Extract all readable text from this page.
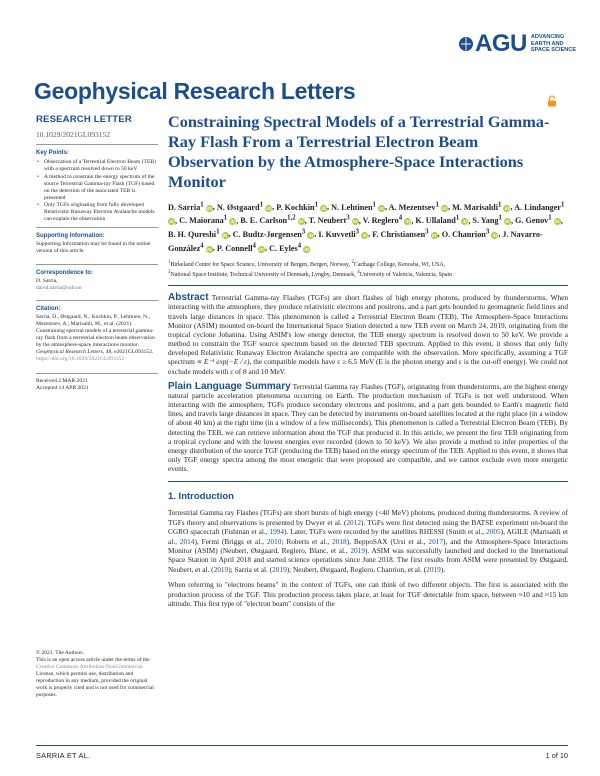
AGU ADVANCING
EARTH AND
SPACE SCIENCE
Geophysical Research Letters
RESEARCH LETTER
10.1029/2021GL093152
Key Points:
• Observation of a Terrestrial Electron Beam (TEB) with a spectrum resolved down to 50 keV
• A method to constrain the energy spectrum of the source Terrestrial Gamma-ray Flash (TGF) based on the detection of the associated TEB is presented
• Only TGFs originating from fully developed Relativistic Runaway Electron Avalanche models can explain the observation
Supporting Information:
Supporting Information may be found in the online version of this article.
Correspondence to:
D. Sarria,
david.sarria@uib.no
Citation:
Sarria, D., Østgaard, N., Kochkin, P., Lehtinen, N., Mezentsev, A., Marisaldi, M., et al. (2021). Constraining spectral models of a terrestrial gamma-ray flash from a terrestrial electron beam observation by the atmosphere-space interactions monitor. Geophysical Research Letters, 48, e2021GL093152. https://doi.org/10.1029/2021GL093152
Received 2 MAR 2021
Accepted 14 APR 2021
© 2021. The Authors.
This is an open access article under the terms of the Creative Commons Attribution-NonCommercial License, which permits use, distribution and reproduction in any medium, provided the original work is properly cited and is not used for commercial purposes.
Constraining Spectral Models of a Terrestrial Gamma-Ray Flash From a Terrestrial Electron Beam Observation by the Atmosphere-Space Interactions Monitor
D. Sarria$^1$ iD, N. Østgaard$^1$ iD, P. Kochkin$^1$ iD, N. Lehtinen$^1$ iD, A. Mezentsev$^1$ iD, M. Marisaldi$^1$ iD, A. Lindanger$^1$ iD, C. Maiorana$^1$ iD, B. E. Carlson$^{1,2}$ iD, T. Neubert$^3$ iD, V. Reglero$^4$ iD, K. Ullaland$^1$ iD, S. Yang$^1$ iD, G. Genov$^1$ iD, B. H. Qureshi$^1$ iD, C. Budtz-Jørgensen$^3$ iD, I. Kuvvetli$^3$ iD, F. Christiansen$^3$ iD, O. Chanrion$^3$ iD, J. Navarro-González$^4$ iD, P. Connell$^4$ iD, C. Eyles$^4$ iD
$^1$Birkeland Centre for Space Science, University of Bergen, Bergen, Norway, $^2$Carthage College, Kenosha, WI, USA,
$^3$National Space Institute, Technical University of Denmark, Lyngby, Denmark, $^4$University of Valencia, Valencia, Spain
Abstract Terrestrial Gamma-ray Flashes (TGFs) are short flashes of high energy photons, produced by thunderstorms. When interacting with the atmosphere, they produce relativistic electrons and positrons, and a part gets bounded to geomagnetic field lines and travels large distances in space. This phenomenon is called a Terrestrial Electron Beam (TEB). The Atmosphere-Space Interactions Monitor (ASIM) mounted on-board the International Space Station detected a new TEB event on March 24, 2019, originating from the tropical cyclone Johanina. Using ASIM's low energy detector, the TEB energy spectrum is resolved down to 50 keV. We provide a method to constrain the TGF source spectrum based on the detected TEB spectrum. Applied to this event, it shows that only fully developed Relativistic Runaway Electron Avalanche spectra are compatible with the observation. More specifically, assuming a TGF spectrum ∝ E⁻¹ exp(−E / ε), the compatible models have ε ≥ 6.5 MeV (E is the photon energy and ε is the cut-off energy). We could not exclude models with ε of 8 and 10 MeV.
Plain Language Summary Terrestrial Gamma ray Flashes (TGF), originating from thunderstorms, are the highest energy natural particle acceleration phenomena occurring on Earth. The production mechanism of TGFs is not well understood. When interacting with the atmosphere, TGFs produce secondary electrons and positrons, and a part gets bounded to Earth's magnetic field lines, and travels large distances in space. They can be detected by instruments on-board satellites located at the right place (in a window of about 40 km) at the right time (in a window of a few milliseconds). This phenomenon is called a Terrestrial Electron Beam (TEB). By detecting the TEB, we can retrieve information about the TGF that produced it. In this article, we present the first TEB originating from a tropical cyclone and with the lowest energies ever recorded (down to 50 keV). We also provide a method to infer properties of the energy distribution of the source TGF (producing the TEB) based on the energy spectrum of the TEB. Applied to this event, it shows that only TGF energy spectra among the most energetic that were proposed are compatible, and we cannot exclude even more energetic events.
1. Introduction
Terrestrial Gamma ray Flashes (TGFs) are short bursts of high energy (<40 MeV) photons, produced during thunderstorms. A review of TGFs theory and observations is presented by Dwyer et al. (2012). TGFs were first detected using the BATSE experiment on-board the CGRO spacecraft (Fishman et al., 1994). Later, TGFs were recorded by the satellites RHESSI (Smith et al., 2005), AGILE (Marisaldi et al., 2014), Fermi (Briggs et al., 2010; Roberts et al., 2018), BeppoSAX (Ursi et al., 2017), and the Atmosphere-Space Interactions Monitor (ASIM) (Neubert, Østgaard, Reglero, Blanc, et al., 2019). ASIM was successfully launched and docked to the International Space Station in April 2018 and started science operations since June 2018. The first results from ASIM were presented by Østgaard, Neubert, et al. (2019); Sarria et al. (2019); Neubert, Østgaard, Reglero, Chanrion, et al. (2019).
When referring to "electrons beams" in the context of TGFs, one can think of two different objects. The first is associated with the production process of the TGF. This production process takes place, at least for TGF detectable from space, between ≈10 and ≈15 km altitude. This first type of "electron beam" consists of the
SARRIA ET AL.	1 of 10
